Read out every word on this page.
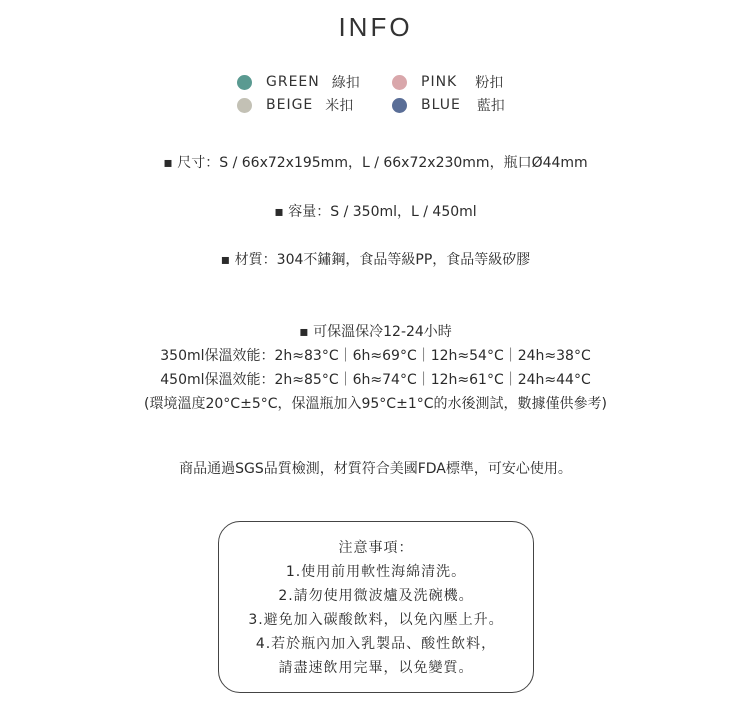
INFO
GREEN 綠扣	PINK 粉扣
BEIGE 米扣	BLUE 藍扣
▪ 尺寸：S / 66x72x195mm，L / 66x72x230mm，瓶口Ø44mm
▪ 容量：S / 350ml，L / 450ml
▪ 材質：304不鏽鋼，食品等級PP，食品等級矽膠
▪ 可保溫保冷12-24小時
350ml保溫效能：2h≈83°C｜6h≈69°C｜12h≈54°C｜24h≈38°C
450ml保溫效能：2h≈85°C｜6h≈74°C｜12h≈61°C｜24h≈44°C
(環境溫度20°C±5°C，保溫瓶加入95°C±1°C的水後測試，數據僅供參考)
商品通過SGS品質檢測，材質符合美國FDA標準，可安心使用。
注意事項：
1.使用前用軟性海綿清洗。
2.請勿使用微波爐及洗碗機。
3.避免加入碳酸飲料，以免內壓上升。
4.若於瓶內加入乳製品、酸性飲料，
請盡速飲用完畢，以免變質。
